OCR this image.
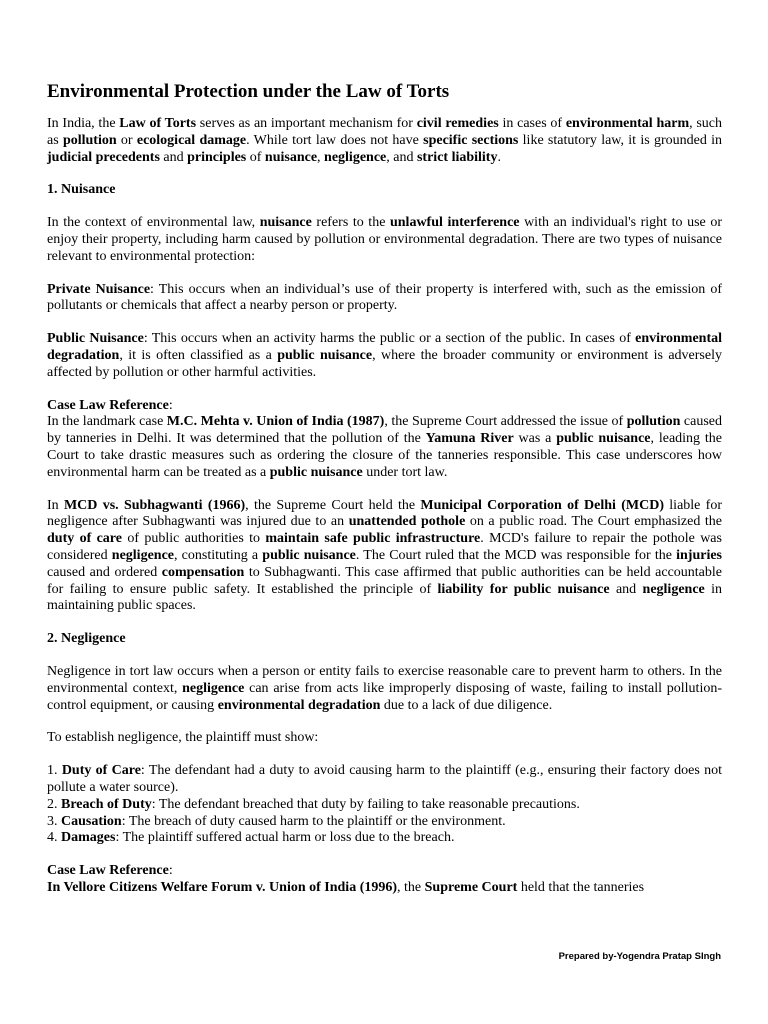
Environmental Protection under the Law of Torts

In India, the Law of Torts serves as an important mechanism for civil remedies in cases of environmental harm, such as pollution or ecological damage. While tort law does not have specific sections like statutory law, it is grounded in judicial precedents and principles of nuisance, negligence, and strict liability.

1. Nuisance

In the context of environmental law, nuisance refers to the unlawful interference with an individual's right to use or enjoy their property, including harm caused by pollution or environmental degradation. There are two types of nuisance relevant to environmental protection:

Private Nuisance: This occurs when an individual’s use of their property is interfered with, such as the emission of pollutants or chemicals that affect a nearby person or property.

Public Nuisance: This occurs when an activity harms the public or a section of the public. In cases of environmental degradation, it is often classified as a public nuisance, where the broader community or environment is adversely affected by pollution or other harmful activities.

Case Law Reference:

In the landmark case M.C. Mehta v. Union of India (1987), the Supreme Court addressed the issue of pollution caused by tanneries in Delhi. It was determined that the pollution of the Yamuna River was a public nuisance, leading the Court to take drastic measures such as ordering the closure of the tanneries responsible. This case underscores how environmental harm can be treated as a public nuisance under tort law.

In MCD vs. Subhagwanti (1966), the Supreme Court held the Municipal Corporation of Delhi (MCD) liable for negligence after Subhagwanti was injured due to an unattended pothole on a public road. The Court emphasized the duty of care of public authorities to maintain safe public infrastructure. MCD's failure to repair the pothole was considered negligence, constituting a public nuisance. The Court ruled that the MCD was responsible for the injuries caused and ordered compensation to Subhagwanti. This case affirmed that public authorities can be held accountable for failing to ensure public safety. It established the principle of liability for public nuisance and negligence in maintaining public spaces.

2. Negligence

Negligence in tort law occurs when a person or entity fails to exercise reasonable care to prevent harm to others. In the environmental context, negligence can arise from acts like improperly disposing of waste, failing to install pollution-control equipment, or causing environmental degradation due to a lack of due diligence.

To establish negligence, the plaintiff must show:

1. Duty of Care: The defendant had a duty to avoid causing harm to the plaintiff (e.g., ensuring their factory does not pollute a water source).

2. Breach of Duty: The defendant breached that duty by failing to take reasonable precautions.

3. Causation: The breach of duty caused harm to the plaintiff or the environment.

4. Damages: The plaintiff suffered actual harm or loss due to the breach.

Case Law Reference:

In Vellore Citizens Welfare Forum v. Union of India (1996), the Supreme Court held that the tanneries

Prepared by-Yogendra Pratap SIngh
